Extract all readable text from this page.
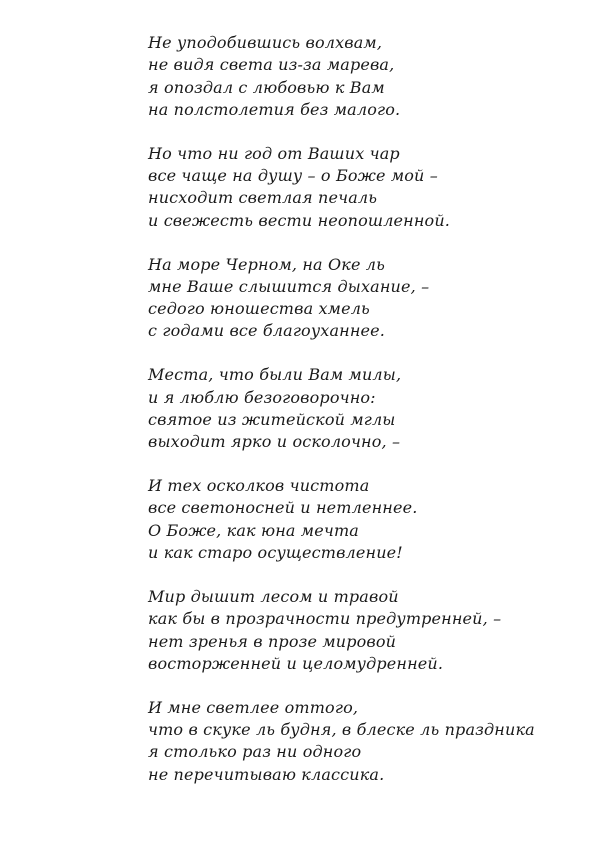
Не уподобившись волхвам,
не видя света из-за марева,
я опоздал с любовью к Вам
на полстолетия без малого.
Но что ни год от Ваших чар
все чаще на душу – о Боже мой –
нисходит светлая печаль
и свежесть вести неопошленной.
На море Черном, на Оке ль
мне Ваше слышится дыхание, –
седого юношества хмель
с годами все благоуханнее.
Места, что были Вам милы,
и я люблю безоговорочно:
святое из житейской мглы
выходит ярко и осколочно, –
И тех осколков чистота
все светоносней и нетленнее.
О Боже, как юна мечта
и как старо осуществление!
Мир дышит лесом и травой
как бы в прозрачности предутренней, –
нет зренья в прозе мировой
восторженней и целомудренней.
И мне светлее оттого,
что в скуке ль будня, в блеске ль праздника
я столько раз ни одного
не перечитываю классика.
